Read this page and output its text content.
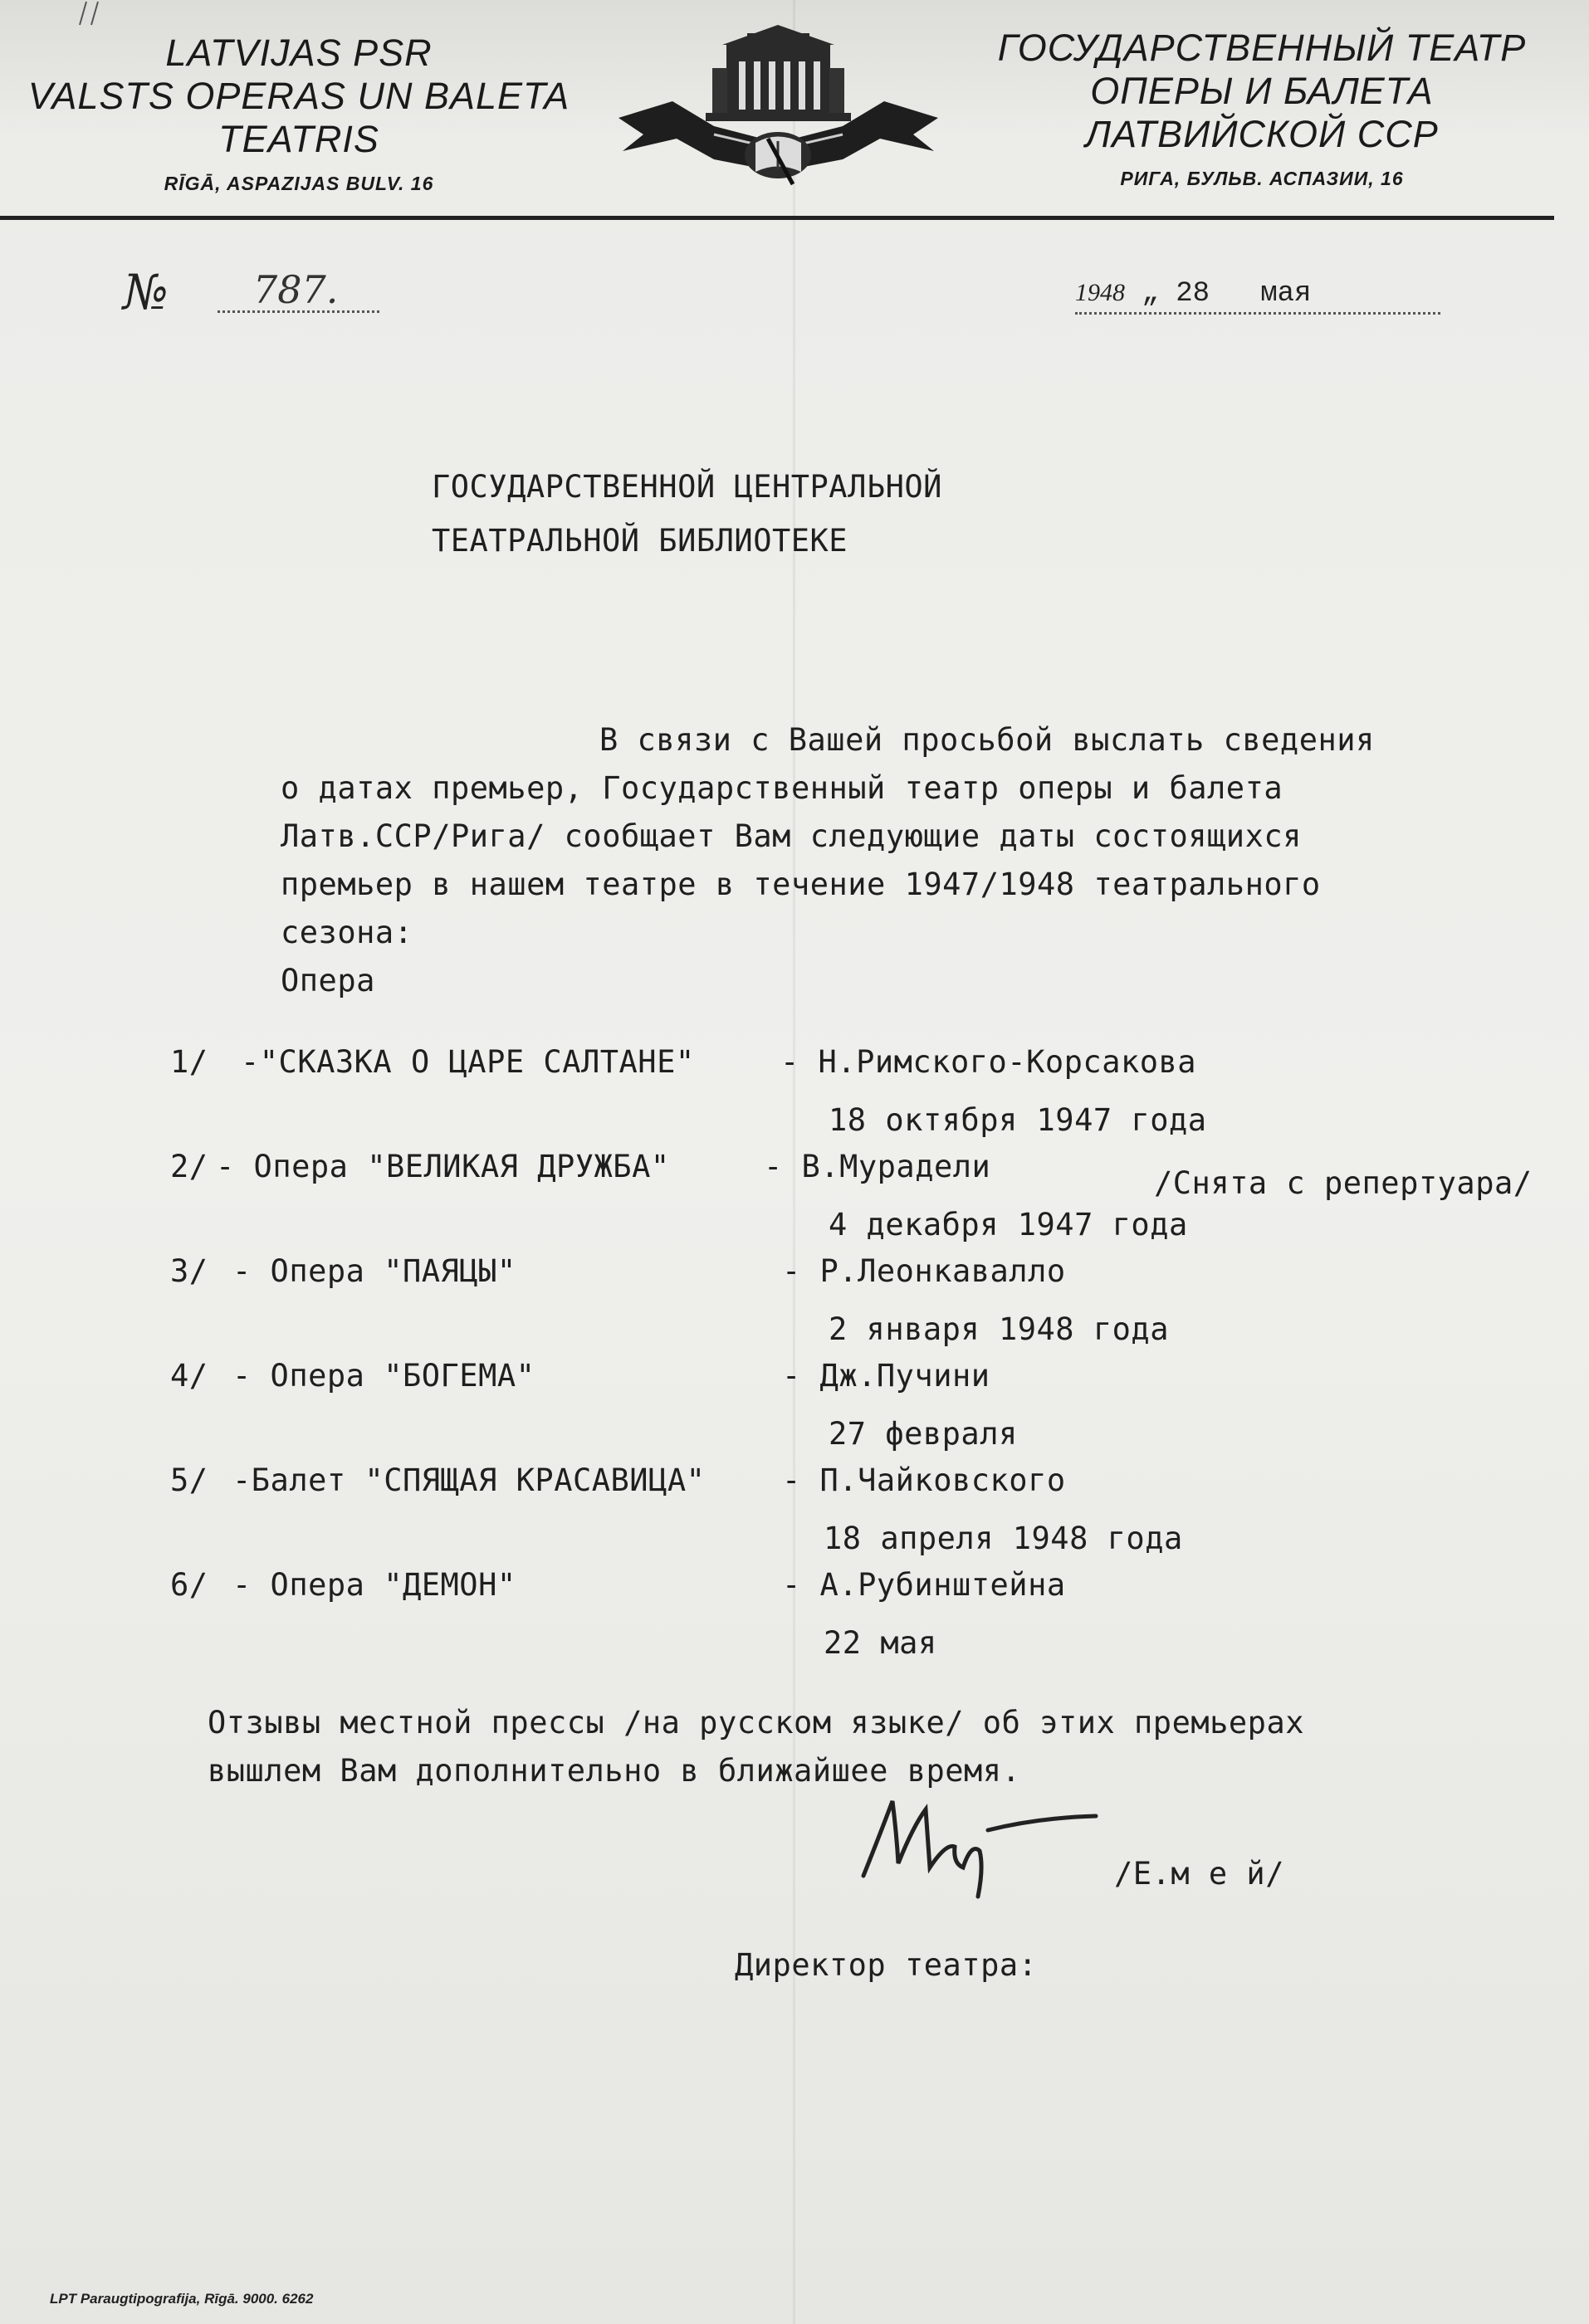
LATVIJAS PSR
VALSTS OPERAS UN BALETA
TEATRIS
RĪGĀ, ASPAZIJAS BULV. 16
ГОСУДАРСТВЕННЫЙ ТЕАТР
ОПЕРЫ И БАЛЕТА
ЛАТВИЙСКОЙ ССР
РИГА, БУЛЬВ. АСПАЗИИ, 16
№ 787.	1948 „ 28 мая
ГОСУДАРСТВЕННОЙ ЦЕНТРАЛЬНОЙ
ТЕАТРАЛЬНОЙ БИБЛИОТЕКЕ
В связи с Вашей просьбой выслать сведения
о датах премьер, Государственный театр оперы и балета
Латв.ССР/Рига/ сообщает Вам следующие даты состоящихся
премьер в нашем театре в течение 1947/1948 театрального
сезона:
Опера
1/ -"СКАЗКА О ЦАРЕ САЛТАНЕ"	- Н.Римского-Корсакова
18 октября 1947 года
2/ - Опера "ВЕЛИКАЯ ДРУЖБА"	- В.Мурадели	/Снята с репертуара/
4 декабря 1947 года
3/ - Опера "ПАЯЦЫ"	- Р.Леонкавалло
2 января 1948 года
4/ - Опера "БОГЕМА"	- Дж.Пучини
27 февраля
5/ -Балет "СПЯЩАЯ КРАСАВИЦА"	- П.Чайковского
18 апреля 1948 года
6/ - Опера "ДЕМОН"	- А.Рубинштейна
22 мая
Отзывы местной прессы /на русском языке/ об этих премьерах
вышлем Вам дополнительно в ближайшее время.
/Е.м е й/
Директор театра:
LPT Paraugtipografija, Rīgā. 9000. 6262
